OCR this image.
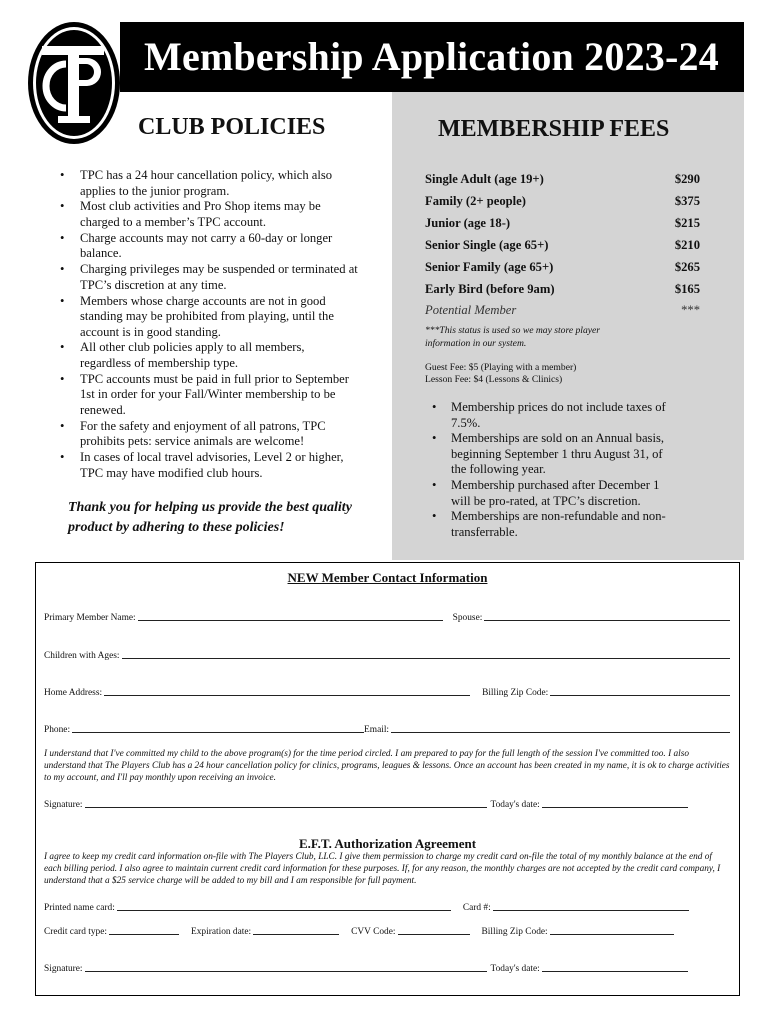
Membership Application 2023-24
CLUB POLICIES
• TPC has a 24 hour cancellation policy, which also applies to the junior program.
• Most club activities and Pro Shop items may be charged to a member’s TPC account.
• Charge accounts may not carry a 60-day or longer balance.
• Charging privileges may be suspended or terminated at TPC’s discretion at any time.
• Members whose charge accounts are not in good standing may be prohibited from playing, until the account is in good standing.
• All other club policies apply to all members, regardless of membership type.
• TPC accounts must be paid in full prior to September 1st in order for your Fall/Winter membership to be renewed.
• For the safety and enjoyment of all patrons, TPC prohibits pets: service animals are welcome!
• In cases of local travel advisories, Level 2 or higher, TPC may have modified club hours.
Thank you for helping us provide the best quality product by adhering to these policies!
MEMBERSHIP FEES
Single Adult (age 19+)	$290
Family (2+ people)	$375
Junior (age 18-)	$215
Senior Single (age 65+)	$210
Senior Family (age 65+)	$265
Early Bird (before 9am)	$165
Potential Member	***
***This status is used so we may store player information in our system.
Guest Fee: $5 (Playing with a member)
Lesson Fee: $4 (Lessons & Clinics)
• Membership prices do not include taxes of 7.5%.
• Memberships are sold on an Annual basis, beginning September 1 thru August 31, of the following year.
• Membership purchased after December 1 will be pro-rated, at TPC’s discretion.
• Memberships are non-refundable and non-transferrable.
NEW Member Contact Information
Primary Member Name:	Spouse:
Children with Ages:
Home Address:	Billing Zip Code:
Phone:	Email:
I understand that I've committed my child to the above program(s) for the time period circled. I am prepared to pay for the full length of the session I've committed too. I also understand that The Players Club has a 24 hour cancellation policy for clinics, programs, leagues & lessons. Once an account has been created in my name, it is ok to charge activities to my account, and I'll pay monthly upon receiving an invoice.
Signature:	Today's date:
E.F.T. Authorization Agreement
I agree to keep my credit card information on-file with The Players Club, LLC. I give them permission to charge my credit card on-file the total of my monthly balance at the end of each billing period. I also agree to maintain current credit card information for these purposes. If, for any reason, the monthly charges are not accepted by the credit card company, I understand that a $25 service charge will be added to my bill and I am responsible for full payment.
Printed name card:	Card #:
Credit card type:	Expiration date:	CVV Code:	Billing Zip Code:
Signature:	Today's date:
